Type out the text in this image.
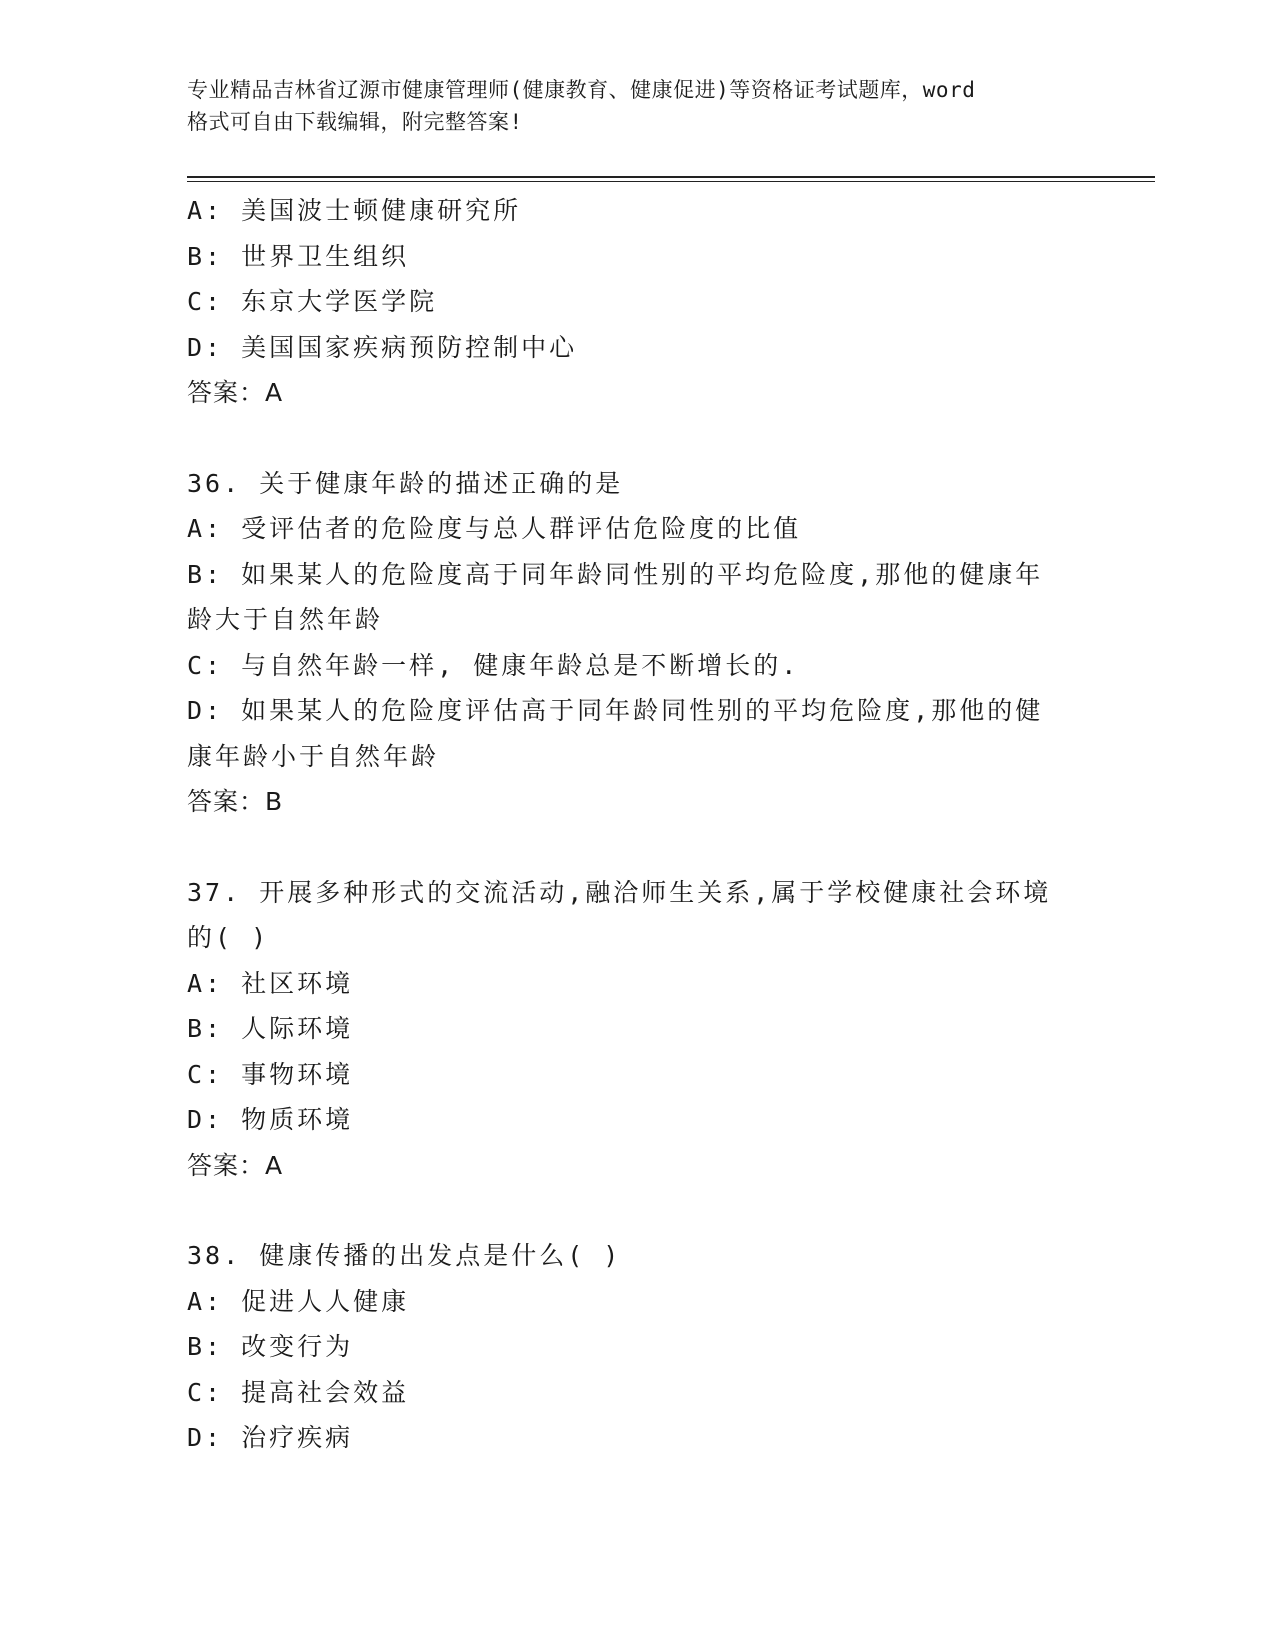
专业精品吉林省辽源市健康管理师(健康教育、健康促进)等资格证考试题库，word
格式可自由下载编辑，附完整答案!
A: 美国波士顿健康研究所
B: 世界卫生组织
C: 东京大学医学院
D: 美国国家疾病预防控制中心
答案：A
36. 关于健康年龄的描述正确的是
A: 受评估者的危险度与总人群评估危险度的比值
B: 如果某人的危险度高于同年龄同性别的平均危险度,那他的健康年
龄大于自然年龄
C: 与自然年龄一样, 健康年龄总是不断增长的.
D: 如果某人的危险度评估高于同年龄同性别的平均危险度,那他的健
康年龄小于自然年龄
答案：B
37. 开展多种形式的交流活动,融洽师生关系,属于学校健康社会环境
的( )
A: 社区环境
B: 人际环境
C: 事物环境
D: 物质环境
答案：A
38. 健康传播的出发点是什么( )
A: 促进人人健康
B: 改变行为
C: 提高社会效益
D: 治疗疾病
